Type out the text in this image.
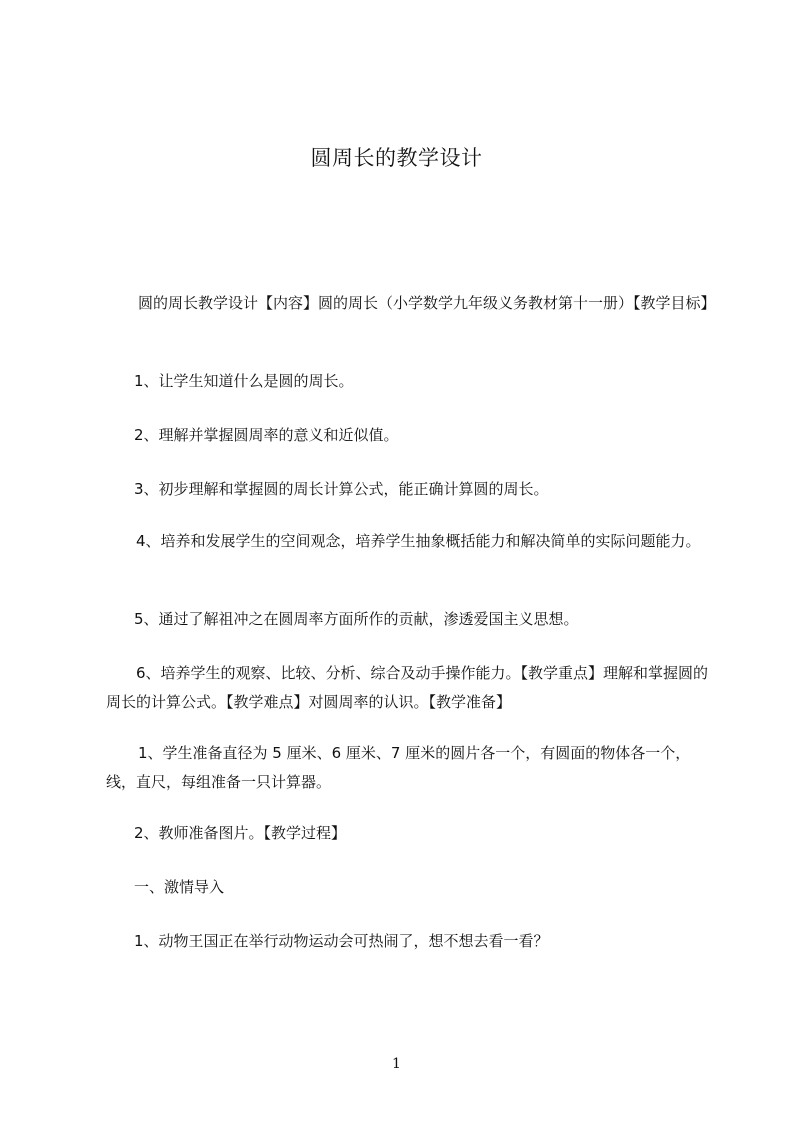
圆周长的教学设计

圆的周长教学设计【内容】圆的周长（小学数学九年级义务教材第十一册）【教学目标】

1、让学生知道什么是圆的周长。

2、理解并掌握圆周率的意义和近似值。

3、初步理解和掌握圆的周长计算公式，能正确计算圆的周长。

4、培养和发展学生的空间观念，培养学生抽象概括能力和解决简单的实际问题能力。

5、通过了解祖冲之在圆周率方面所作的贡献，渗透爱国主义思想。

6、培养学生的观察、比较、分析、综合及动手操作能力。【教学重点】理解和掌握圆的周长的计算公式。【教学难点】对圆周率的认识。【教学准备】

1、学生准备直径为 5 厘米、6 厘米、7 厘米的圆片各一个，有圆面的物体各一个，线，直尺，每组准备一只计算器。

2、教师准备图片。【教学过程】

一、激情导入

1、动物王国正在举行动物运动会可热闹了，想不想去看一看？

1
